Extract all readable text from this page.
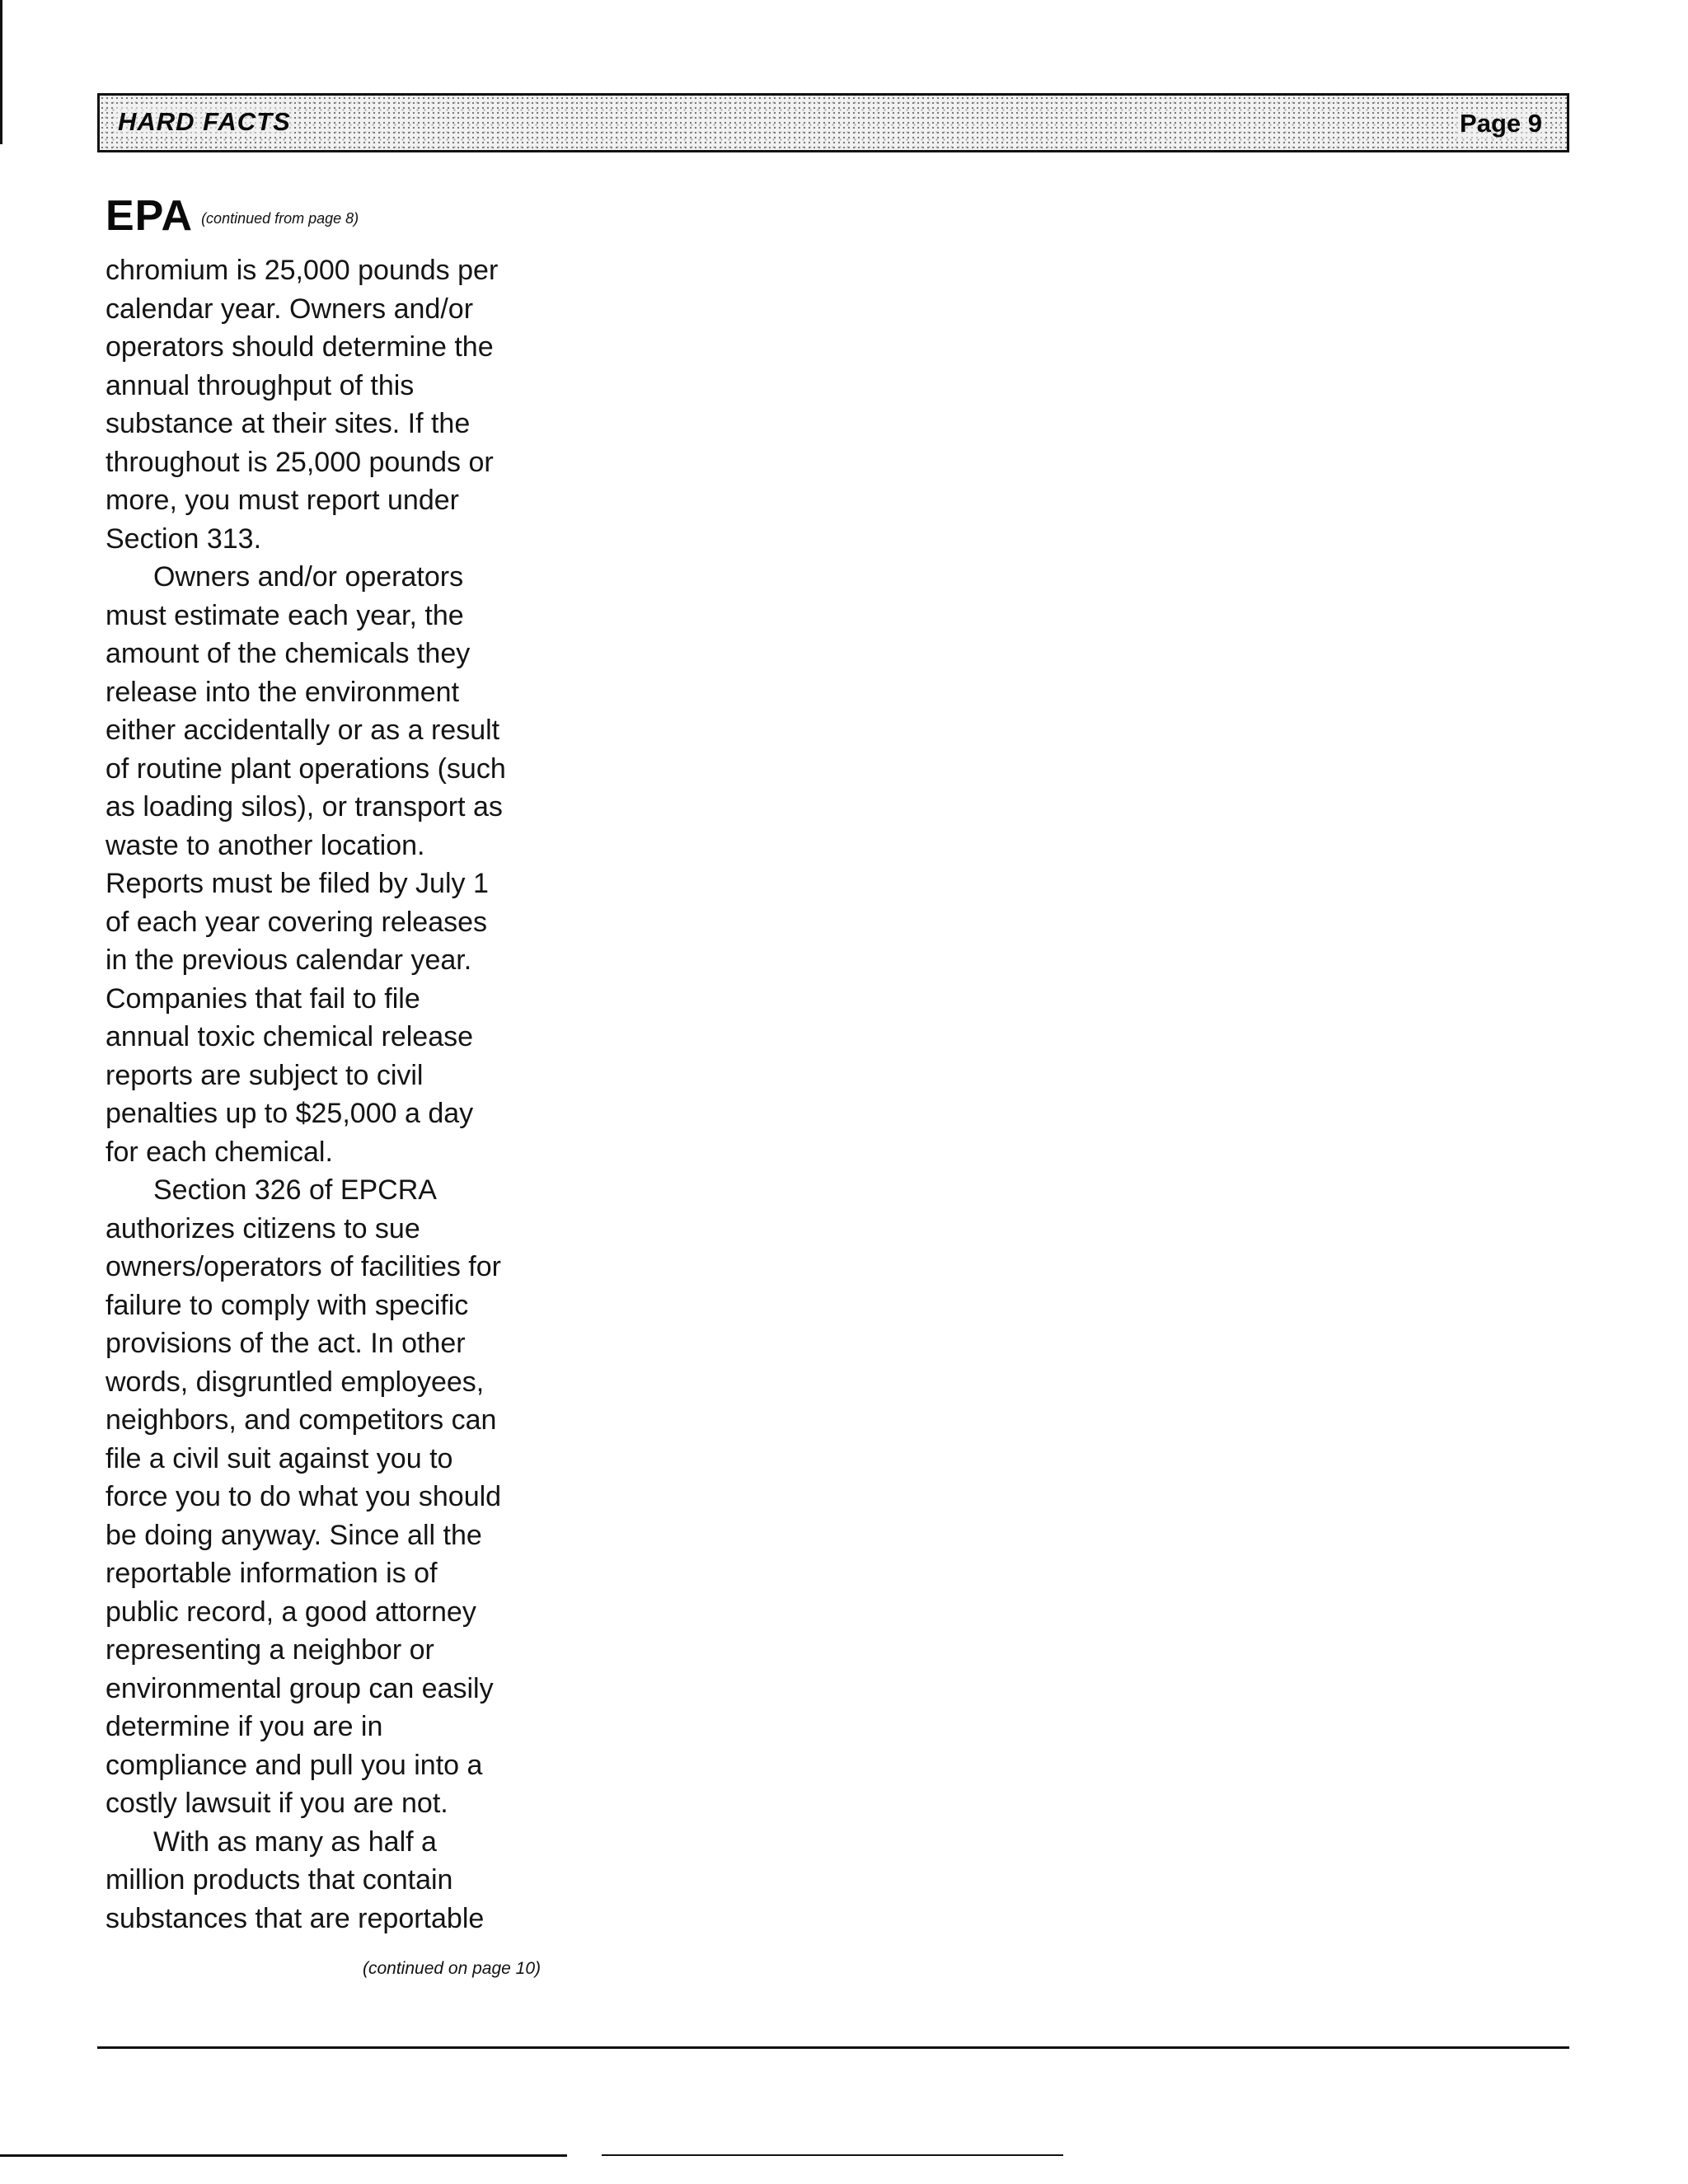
HARD FACTS	Page 9
EPA (continued from page 8)
chromium is 25,000 pounds per
calendar year. Owners and/or
operators should determine the
annual throughput of this
substance at their sites. If the
throughout is 25,000 pounds or
more, you must report under
Section 313.
Owners and/or operators
must estimate each year, the
amount of the chemicals they
release into the environment
either accidentally or as a result
of routine plant operations (such
as loading silos), or transport as
waste to another location.
Reports must be filed by July 1
of each year covering releases
in the previous calendar year.
Companies that fail to file
annual toxic chemical release
reports are subject to civil
penalties up to $25,000 a day
for each chemical.
Section 326 of EPCRA
authorizes citizens to sue
owners/operators of facilities for
failure to comply with specific
provisions of the act. In other
words, disgruntled employees,
neighbors, and competitors can
file a civil suit against you to
force you to do what you should
be doing anyway. Since all the
reportable information is of
public record, a good attorney
representing a neighbor or
environmental group can easily
determine if you are in
compliance and pull you into a
costly lawsuit if you are not.
With as many as half a
million products that contain
substances that are reportable
(continued on page 10)
